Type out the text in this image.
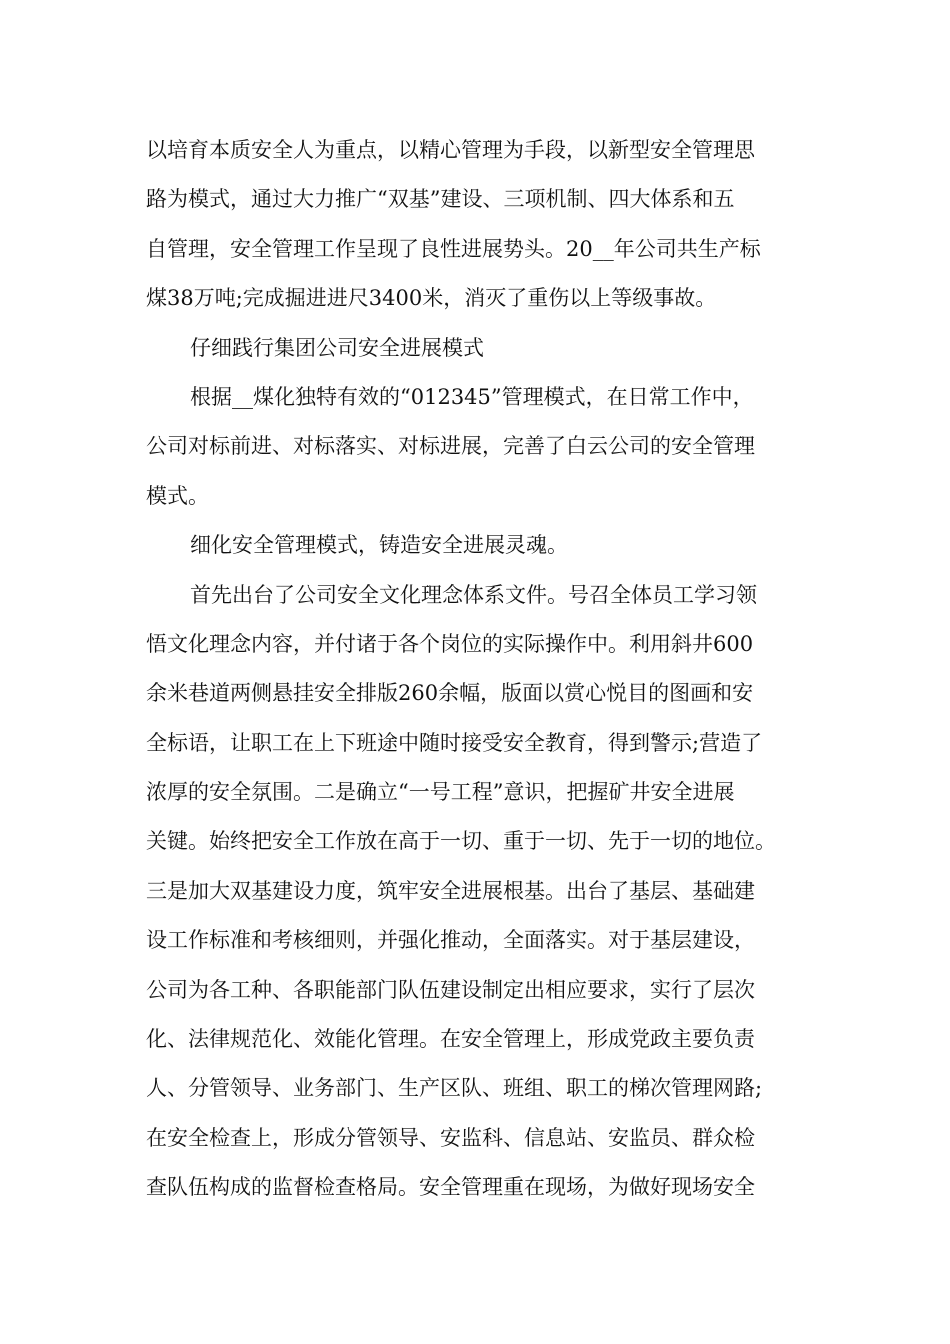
以培育本质安全人为重点，以精心管理为手段，以新型安全管理思
路为模式，通过大力推广“双基”建设、三项机制、四大体系和五
自管理，安全管理工作呈现了良性进展势头。20__年公司共生产标
煤38万吨;完成掘进进尺3400米，消灭了重伤以上等级事故。
仔细践行集团公司安全进展模式
根据__煤化独特有效的“012345”管理模式，在日常工作中，
公司对标前进、对标落实、对标进展，完善了白云公司的安全管理
模式。
细化安全管理模式，铸造安全进展灵魂。
首先出台了公司安全文化理念体系文件。号召全体员工学习领
悟文化理念内容，并付诸于各个岗位的实际操作中。利用斜井600
余米巷道两侧悬挂安全排版260余幅，版面以赏心悦目的图画和安
全标语，让职工在上下班途中随时接受安全教育，得到警示;营造了
浓厚的安全氛围。二是确立“一号工程”意识，把握矿井安全进展
关键。始终把安全工作放在高于一切、重于一切、先于一切的地位。
三是加大双基建设力度，筑牢安全进展根基。出台了基层、基础建
设工作标准和考核细则，并强化推动，全面落实。对于基层建设，
公司为各工种、各职能部门队伍建设制定出相应要求，实行了层次
化、法律规范化、效能化管理。在安全管理上，形成党政主要负责
人、分管领导、业务部门、生产区队、班组、职工的梯次管理网路;
在安全检查上，形成分管领导、安监科、信息站、安监员、群众检
查队伍构成的监督检查格局。安全管理重在现场，为做好现场安全
